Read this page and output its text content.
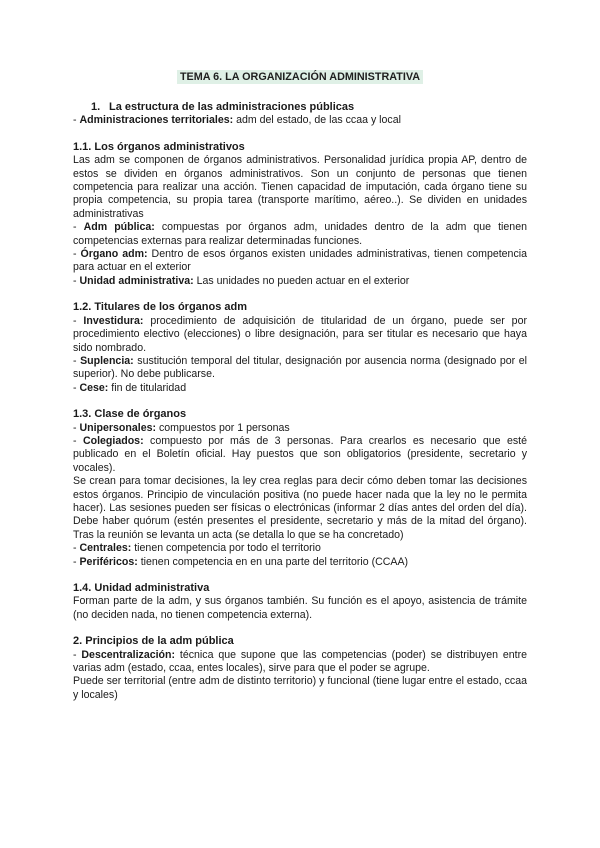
TEMA 6. LA ORGANIZACIÓN ADMINISTRATIVA
1. La estructura de las administraciones públicas

- Administraciones territoriales: adm del estado, de las ccaa y local

1.1. Los órganos administrativos

Las adm se componen de órganos administrativos. Personalidad jurídica propia AP, dentro de estos se dividen en órganos administrativos. Son un conjunto de personas que tienen competencia para realizar una acción. Tienen capacidad de imputación, cada órgano tiene su propia competencia, su propia tarea (transporte marítimo, aéreo..). Se dividen en unidades administrativas

- Adm pública: compuestas por órganos adm, unidades dentro de la adm que tienen competencias externas para realizar determinadas funciones.

- Órgano adm: Dentro de esos órganos existen unidades administrativas, tienen competencia para actuar en el exterior

- Unidad administrativa: Las unidades no pueden actuar en el exterior

1.2. Titulares de los órganos adm

- Investidura: procedimiento de adquisición de titularidad de un órgano, puede ser por procedimiento electivo (elecciones) o libre designación, para ser titular es necesario que haya sido nombrado.

- Suplencia: sustitución temporal del titular, designación por ausencia norma (designado por el superior). No debe publicarse.

- Cese: fin de titularidad

1.3. Clase de órganos

- Unipersonales: compuestos por 1 personas

- Colegiados: compuesto por más de 3 personas. Para crearlos es necesario que esté publicado en el Boletín oficial. Hay puestos que son obligatorios (presidente, secretario y vocales).

Se crean para tomar decisiones, la ley crea reglas para decir cómo deben tomar las decisiones estos órganos. Principio de vinculación positiva (no puede hacer nada que la ley no le permita hacer). Las sesiones pueden ser físicas o electrónicas (informar 2 días antes del orden del día). Debe haber quórum (estén presentes el presidente, secretario y más de la mitad del órgano). Tras la reunión se levanta un acta (se detalla lo que se ha concretado)

- Centrales: tienen competencia por todo el territorio

- Periféricos: tienen competencia en en una parte del territorio (CCAA)

1.4. Unidad administrativa

Forman parte de la adm, y sus órganos también. Su función es el apoyo, asistencia de trámite (no deciden nada, no tienen competencia externa).

2. Principios de la adm pública

- Descentralización: técnica que supone que las competencias (poder) se distribuyen entre varias adm (estado, ccaa, entes locales), sirve para que el poder se agrupe.

Puede ser territorial (entre adm de distinto territorio) y funcional (tiene lugar entre el estado, ccaa y locales)
